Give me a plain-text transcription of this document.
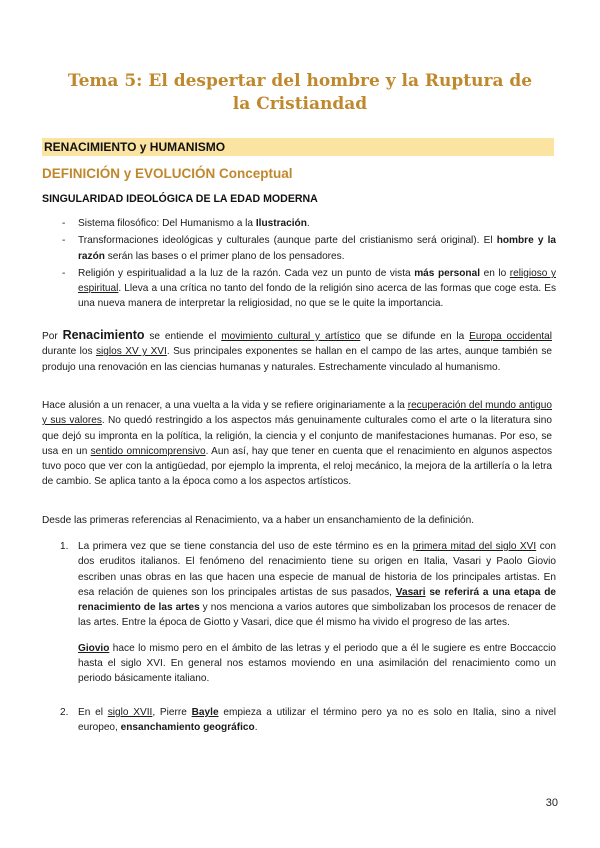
Tema 5: El despertar del hombre y la Ruptura de la Cristiandad
RENACIMIENTO y HUMANISMO
DEFINICIÓN y EVOLUCIÓN Conceptual
SINGULARIDAD IDEOLÓGICA DE LA EDAD MODERNA
- Sistema filosófico: Del Humanismo a la Ilustración.
- Transformaciones ideológicas y culturales (aunque parte del cristianismo será original). El hombre y la razón serán las bases o el primer plano de los pensadores.
- Religión y espiritualidad a la luz de la razón. Cada vez un punto de vista más personal en lo religioso y espiritual. Lleva a una crítica no tanto del fondo de la religión sino acerca de las formas que coge esta. Es una nueva manera de interpretar la religiosidad, no que se le quite la importancia.

Por Renacimiento se entiende el movimiento cultural y artístico que se difunde en la Europa occidental durante los siglos XV y XVI. Sus principales exponentes se hallan en el campo de las artes, aunque también se produjo una renovación en las ciencias humanas y naturales. Estrechamente vinculado al humanismo.

Hace alusión a un renacer, a una vuelta a la vida y se refiere originariamente a la recuperación del mundo antiguo y sus valores. No quedó restringido a los aspectos más genuinamente culturales como el arte o la literatura sino que dejó su impronta en la política, la religión, la ciencia y el conjunto de manifestaciones humanas. Por eso, se usa en un sentido omnicomprensivo. Aun así, hay que tener en cuenta que el renacimiento en algunos aspectos tuvo poco que ver con la antigüedad, por ejemplo la imprenta, el reloj mecánico, la mejora de la artillería o la letra de cambio. Se aplica tanto a la época como a los aspectos artísticos.

Desde las primeras referencias al Renacimiento, va a haber un ensanchamiento de la definición.

1. La primera vez que se tiene constancia del uso de este término es en la primera mitad del siglo XVI con dos eruditos italianos. El fenómeno del renacimiento tiene su origen en Italia, Vasari y Paolo Giovio escriben unas obras en las que hacen una especie de manual de historia de los principales artistas. En esa relación de quienes son los principales artistas de sus pasados, Vasari se referirá a una etapa de renacimiento de las artes y nos menciona a varios autores que simbolizaban los procesos de renacer de las artes. Entre la época de Giotto y Vasari, dice que él mismo ha vivido el progreso de las artes.
Giovio hace lo mismo pero en el ámbito de las letras y el periodo que a él le sugiere es entre Boccaccio hasta el siglo XVI. En general nos estamos moviendo en una asimilación del renacimiento como un periodo básicamente italiano.
2. En el siglo XVII, Pierre Bayle empieza a utilizar el término pero ya no es solo en Italia, sino a nivel europeo, ensanchamiento geográfico.
30
